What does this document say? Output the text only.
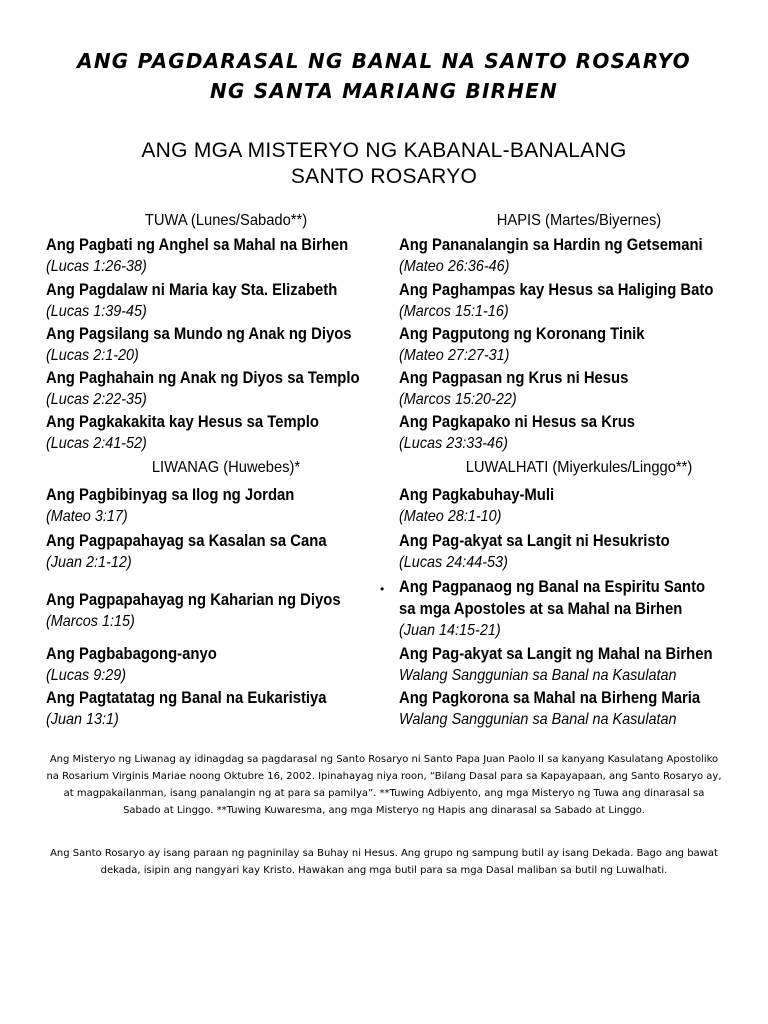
ANG PAGDARASAL NG BANAL NA SANTO ROSARYO

NG SANTA MARIANG BIRHEN

ANG MGA MISTERYO NG KABANAL-BANALANG

SANTO ROSARYO

TUWA (Lunes/Sabado**)
Ang Pagbati ng Anghel sa Mahal na Birhen
(Lucas 1:26-38)
Ang Pagdalaw ni Maria kay Sta. Elizabeth
(Lucas 1:39-45)
Ang Pagsilang sa Mundo ng Anak ng Diyos
(Lucas 2:1-20)
Ang Paghahain ng Anak ng Diyos sa Templo
(Lucas 2:22-35)
Ang Pagkakakita kay Hesus sa Templo
(Lucas 2:41-52)
LIWANAG (Huwebes)*
Ang Pagbibinyag sa Ilog ng Jordan
(Mateo 3:17)
Ang Pagpapahayag sa Kasalan sa Cana
(Juan 2:1-12)
Ang Pagpapahayag ng Kaharian ng Diyos
(Marcos 1:15)
Ang Pagbabagong-anyo
(Lucas 9:29)
Ang Pagtatatag ng Banal na Eukaristiya
(Juan 13:1)
HAPIS (Martes/Biyernes)
Ang Pananalangin sa Hardin ng Getsemani
(Mateo 26:36-46)
Ang Paghampas kay Hesus sa Haliging Bato
(Marcos 15:1-16)
Ang Pagputong ng Koronang Tinik
(Mateo 27:27-31)
Ang Pagpasan ng Krus ni Hesus
(Marcos 15:20-22)
Ang Pagkapako ni Hesus sa Krus
(Lucas 23:33-46)
LUWALHATI (Miyerkules/Linggo**)
Ang Pagkabuhay-Muli
(Mateo 28:1-10)
Ang Pag-akyat sa Langit ni Hesukristo
(Lucas 24:44-53)
Ang Pagpanaog ng Banal na Espiritu Santo
sa mga Apostoles at sa Mahal na Birhen
(Juan 14:15-21)
Ang Pag-akyat sa Langit ng Mahal na Birhen
Walang Sanggunian sa Banal na Kasulatan
Ang Pagkorona sa Mahal na Birheng Maria
Walang Sanggunian sa Banal na Kasulatan
•

Ang Misteryo ng Liwanag ay idinagdag sa pagdarasal ng Santo Rosaryo ni Santo Papa Juan Paolo II sa kanyang Kasulatang Apostoliko na Rosarium Virginis Mariae noong Oktubre 16, 2002. Ipinahayag niya roon, “Bilang Dasal para sa Kapayapaan, ang Santo Rosaryo ay, at magpakailanman, isang panalangin ng at para sa pamilya”. **Tuwing Adbiyento, ang mga Misteryo ng Tuwa ang dinarasal sa Sabado at Linggo. **Tuwing Kuwaresma, ang mga Misteryo ng Hapis ang dinarasal sa Sabado at Linggo.

Ang Santo Rosaryo ay isang paraan ng pagninilay sa Buhay ni Hesus. Ang grupo ng sampung butil ay isang Dekada. Bago ang bawat dekada, isipin ang nangyari kay Kristo. Hawakan ang mga butil para sa mga Dasal maliban sa butil ng Luwalhati.
